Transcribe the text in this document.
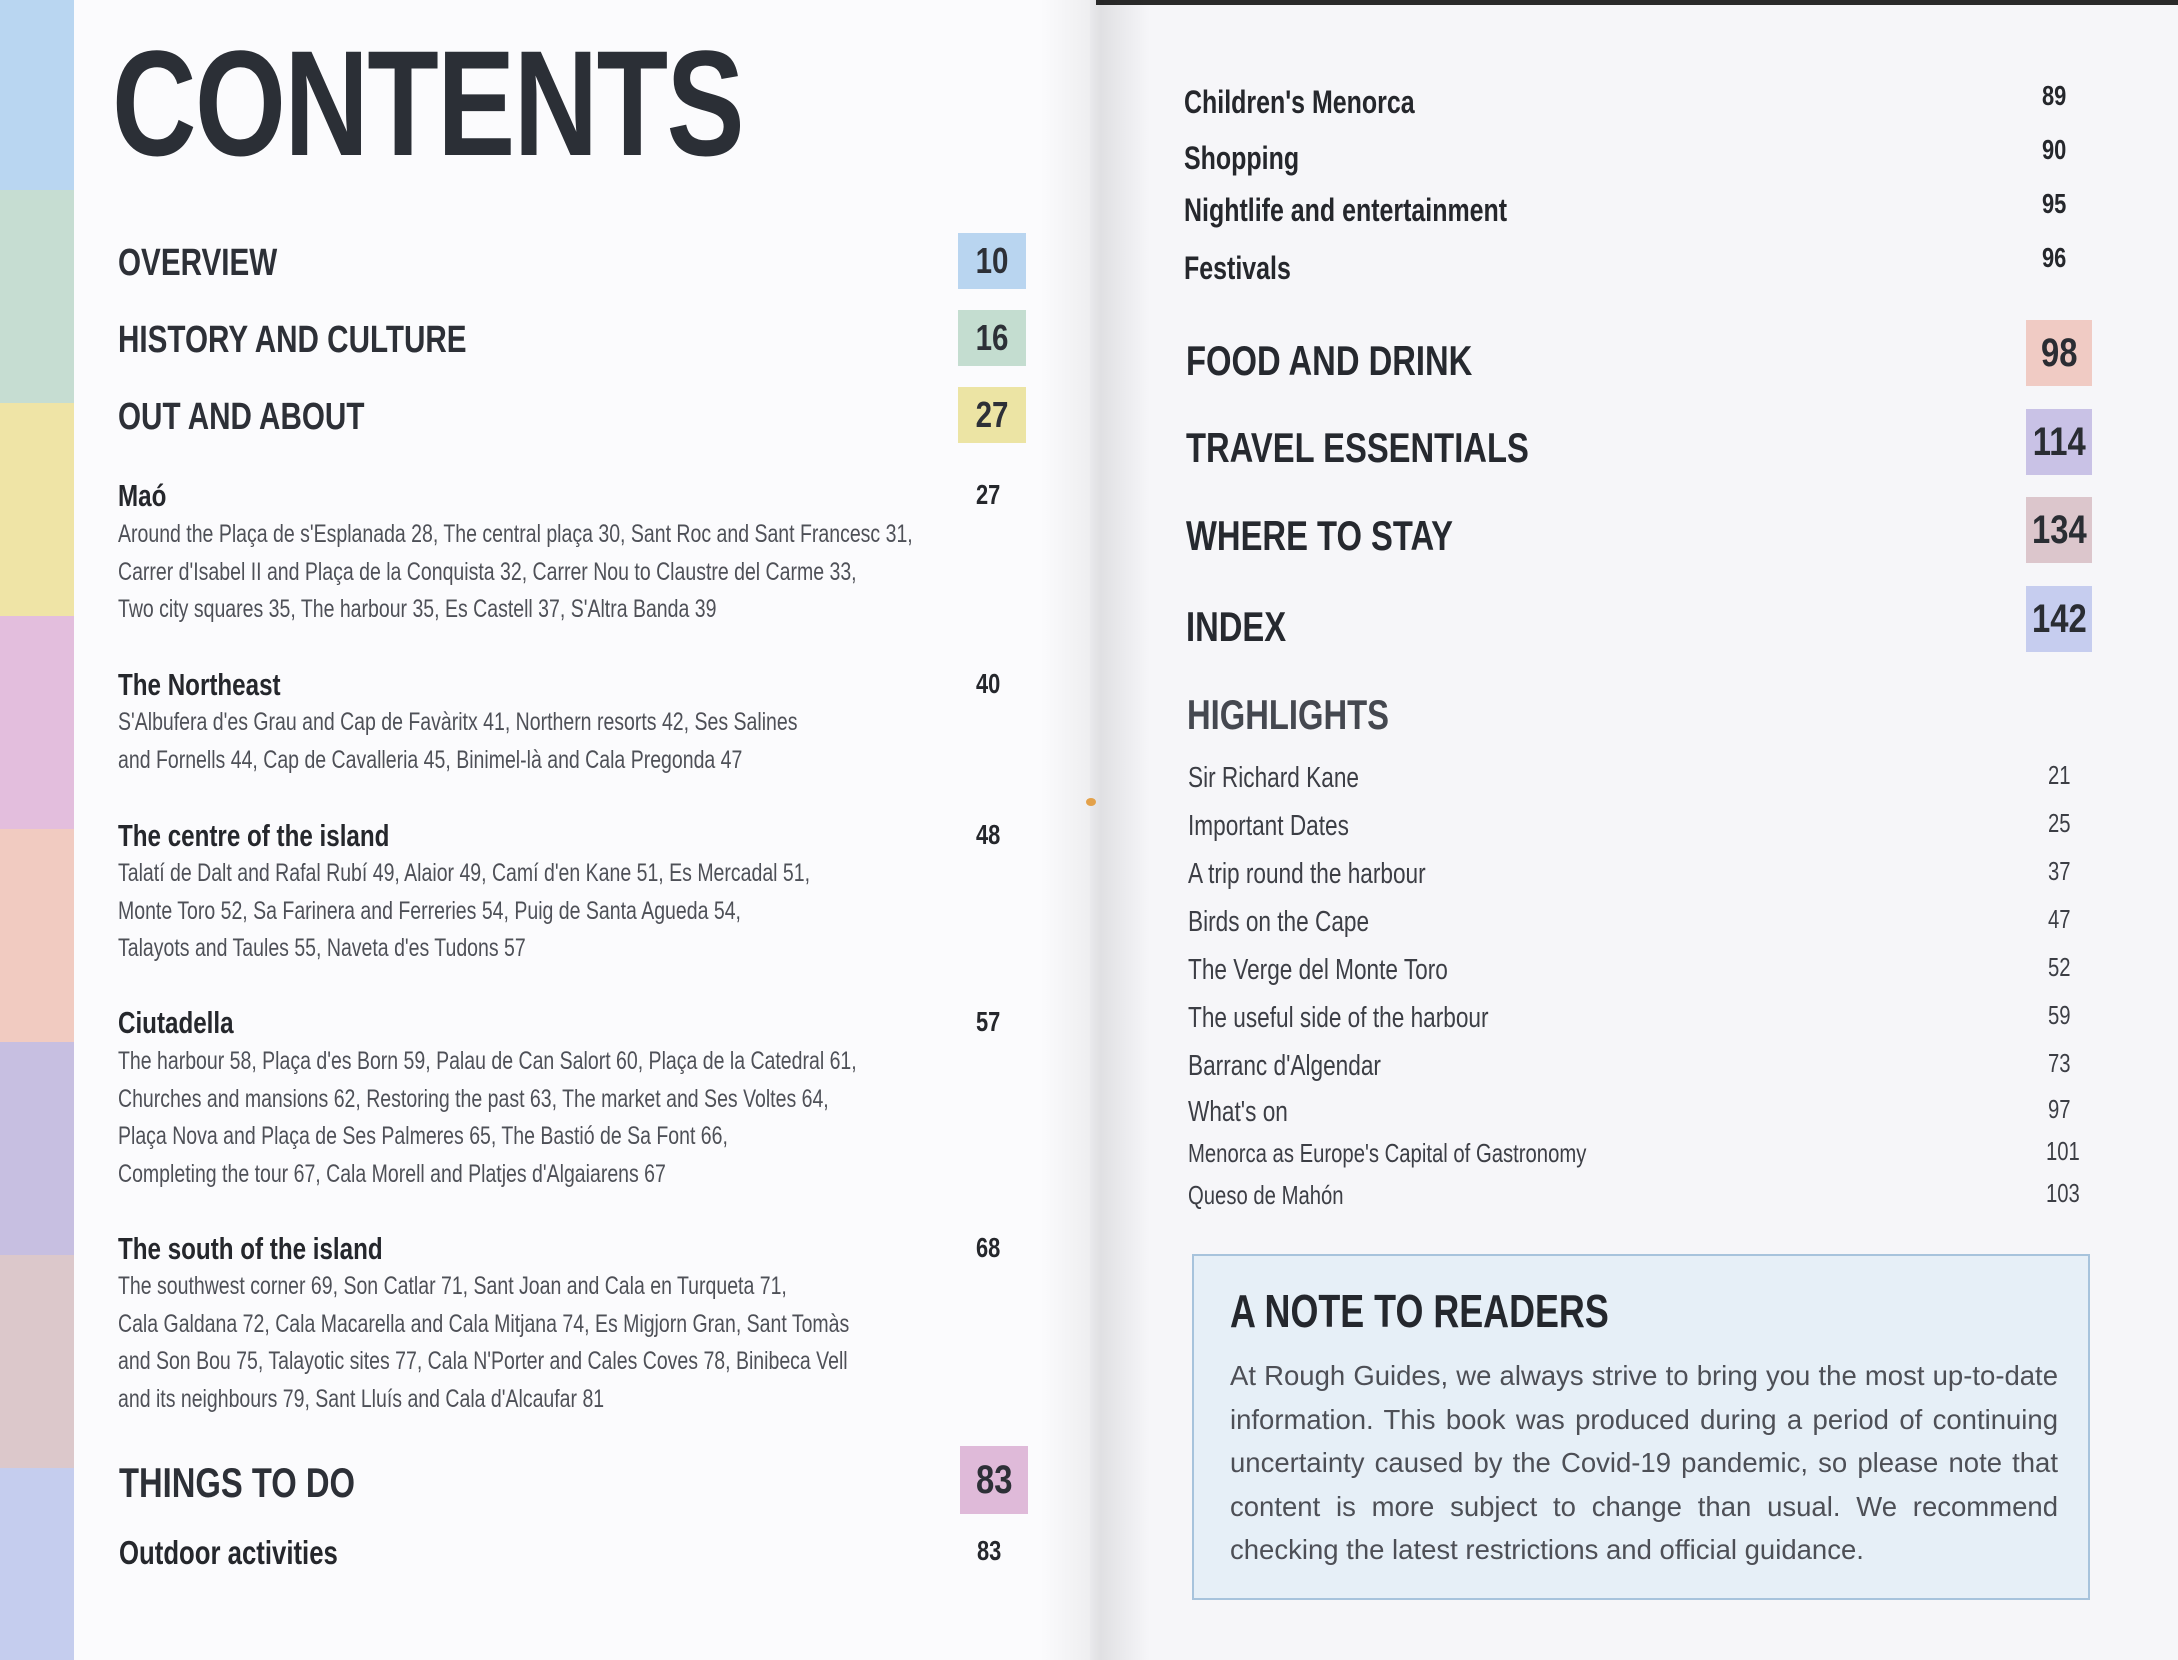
CONTENTS
OVERVIEW	10
HISTORY AND CULTURE	16
OUT AND ABOUT	27
Maó	27
Around the Plaça de s'Esplanada 28, The central plaça 30, Sant Roc and Sant Francesc 31,
Carrer d'Isabel II and Plaça de la Conquista 32, Carrer Nou to Claustre del Carme 33,
Two city squares 35, The harbour 35, Es Castell 37, S'Altra Banda 39
The Northeast	40
S'Albufera d'es Grau and Cap de Favàritx 41, Northern resorts 42, Ses Salines
and Fornells 44, Cap de Cavalleria 45, Binimel-là and Cala Pregonda 47
The centre of the island	48
Talatí de Dalt and Rafal Rubí 49, Alaior 49, Camí d'en Kane 51, Es Mercadal 51,
Monte Toro 52, Sa Farinera and Ferreries 54, Puig de Santa Agueda 54,
Talayots and Taules 55, Naveta d'es Tudons 57
Ciutadella	57
The harbour 58, Plaça d'es Born 59, Palau de Can Salort 60, Plaça de la Catedral 61,
Churches and mansions 62, Restoring the past 63, The market and Ses Voltes 64,
Plaça Nova and Plaça de Ses Palmeres 65, The Bastió de Sa Font 66,
Completing the tour 67, Cala Morell and Platjes d'Algaiarens 67
The south of the island	68
The southwest corner 69, Son Catlar 71, Sant Joan and Cala en Turqueta 71,
Cala Galdana 72, Cala Macarella and Cala Mitjana 74, Es Migjorn Gran, Sant Tomàs
and Son Bou 75, Talayotic sites 77, Cala N'Porter and Cales Coves 78, Binibeca Vell
and its neighbours 79, Sant Lluís and Cala d'Alcaufar 81
THINGS TO DO	83
Outdoor activities	83
Children's Menorca	89
Shopping	90
Nightlife and entertainment	95
Festivals	96
FOOD AND DRINK	98
TRAVEL ESSENTIALS	114
WHERE TO STAY	134
INDEX	142
HIGHLIGHTS
Sir Richard Kane	21
Important Dates	25
A trip round the harbour	37
Birds on the Cape	47
The Verge del Monte Toro	52
The useful side of the harbour	59
Barranc d'Algendar	73
What's on	97
Menorca as Europe's Capital of Gastronomy	101
Queso de Mahón	103
A NOTE TO READERS
At Rough Guides, we always strive to bring you the most up-to-date information. This book was produced during a period of continuing uncertainty caused by the Covid-19 pandemic, so please note that content is more subject to change than usual. We recommend checking the latest restrictions and official guidance.
